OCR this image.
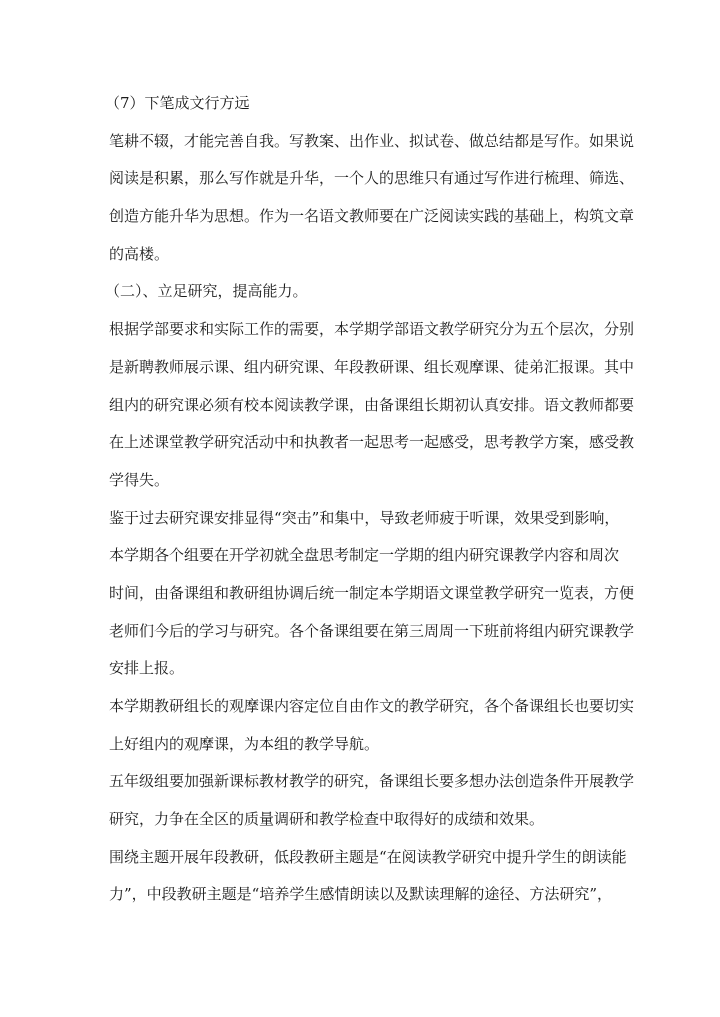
（7）下笔成文行方远
笔耕不辍，才能完善自我。写教案、出作业、拟试卷、做总结都是写作。如果说
阅读是积累，那么写作就是升华，一个人的思维只有通过写作进行梳理、筛选、
创造方能升华为思想。作为一名语文教师要在广泛阅读实践的基础上，构筑文章
的高楼。
（二）、立足研究，提高能力。
根据学部要求和实际工作的需要，本学期学部语文教学研究分为五个层次，分别
是新聘教师展示课、组内研究课、年段教研课、组长观摩课、徒弟汇报课。其中
组内的研究课必须有校本阅读教学课，由备课组长期初认真安排。语文教师都要
在上述课堂教学研究活动中和执教者一起思考一起感受，思考教学方案，感受教
学得失。
鉴于过去研究课安排显得“突击”和集中，导致老师疲于听课，效果受到影响，
本学期各个组要在开学初就全盘思考制定一学期的组内研究课教学内容和周次
时间，由备课组和教研组协调后统一制定本学期语文课堂教学研究一览表，方便
老师们今后的学习与研究。各个备课组要在第三周周一下班前将组内研究课教学
安排上报。
本学期教研组长的观摩课内容定位自由作文的教学研究，各个备课组长也要切实
上好组内的观摩课，为本组的教学导航。
五年级组要加强新课标教材教学的研究，备课组长要多想办法创造条件开展教学
研究，力争在全区的质量调研和教学检查中取得好的成绩和效果。
围绕主题开展年段教研，低段教研主题是“在阅读教学研究中提升学生的朗读能
力”，中段教研主题是“培养学生感情朗读以及默读理解的途径、方法研究”，
